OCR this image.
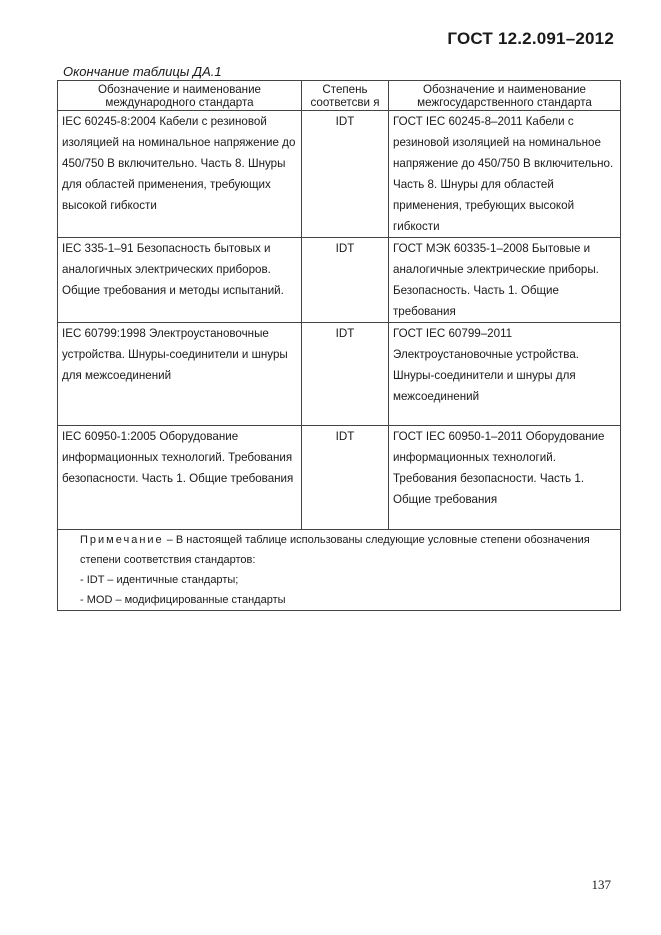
ГОСТ 12.2.091–2012
Окончание таблицы ДА.1
Обозначение и наименование международного стандарта	Степень соответсви я	Обозначение и наименование межгосударственного стандарта
IEC 60245-8:2004 Кабели с резиновой изоляцией на номинальное напряжение до 450/750 В включительно. Часть 8. Шнуры для областей применения, требующих высокой гибкости	IDT	ГОСТ IEC 60245-8–2011 Кабели с резиновой изоляцией на номинальное напряжение до 450/750 В включительно. Часть 8. Шнуры для областей применения, требующих высокой гибкости
IEC 335-1–91 Безопасность бытовых и аналогичных электрических приборов. Общие требования и методы испытаний.	IDT	ГОСТ МЭК 60335-1–2008 Бытовые и аналогичные электрические приборы. Безопасность. Часть 1. Общие требования
IEC 60799:1998 Электроустановочные устройства. Шнуры-соединители и шнуры для межсоединений	IDT	ГОСТ IEC 60799–2011 Электроустановочные устройства. Шнуры-соединители и шнуры для межсоединений
IEC 60950-1:2005 Оборудование информационных технологий. Требования безопасности. Часть 1. Общие требования	IDT	ГОСТ IEC 60950-1–2011 Оборудование информационных технологий. Требования безопасности. Часть 1. Общие требования

Примечание – В настоящей таблице использованы следующие условные степени обозначения степени соответствия стандартов:
- IDT – идентичные стандарты;
- MOD – модифицированные стандарты		
137
